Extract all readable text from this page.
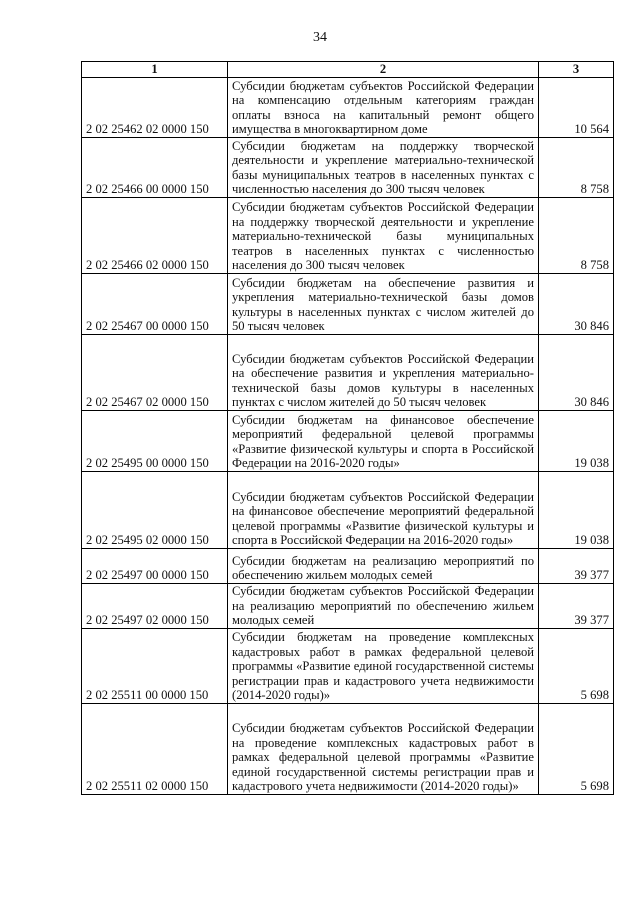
34
1	2	3
2 02 25462 02 0000 150	Субсидии бюджетам субъектов Российской Федерации на компенсацию отдельным категориям граждан оплаты взноса на капитальный ремонт общего имущества в многоквартирном доме	10 564
2 02 25466 00 0000 150	Субсидии бюджетам на поддержку творческой деятельности и укрепление материально-технической базы муниципальных театров в населенных пунктах с численностью населения до 300 тысяч человек	8 758
2 02 25466 02 0000 150	Субсидии бюджетам субъектов Российской Федерации на поддержку творческой деятельности и укрепление материально-технической базы муниципальных театров в населенных пунктах с численностью населения до 300 тысяч человек	8 758
2 02 25467 00 0000 150	Субсидии бюджетам на обеспечение развития и укрепления материально-технической базы домов культуры в населенных пунктах с числом жителей до 50 тысяч человек	30 846
2 02 25467 02 0000 150	Субсидии бюджетам субъектов Российской Федерации на обеспечение развития и укрепления материально-технической базы домов культуры в населенных пунктах с числом жителей до 50 тысяч человек	30 846
2 02 25495 00 0000 150	Субсидии бюджетам на финансовое обеспечение мероприятий федеральной целевой программы «Развитие физической культуры и спорта в Российской Федерации на 2016-2020 годы»	19 038
2 02 25495 02 0000 150	Субсидии бюджетам субъектов Российской Федерации на финансовое обеспечение мероприятий федеральной целевой программы «Развитие физической культуры и спорта в Российской Федерации на 2016-2020 годы»	19 038
2 02 25497 00 0000 150	Субсидии бюджетам на реализацию мероприятий по обеспечению жильем молодых семей	39 377
2 02 25497 02 0000 150	Субсидии бюджетам субъектов Российской Федерации на реализацию мероприятий по обеспечению жильем молодых семей	39 377
2 02 25511 00 0000 150	Субсидии бюджетам на проведение комплексных кадастровых работ в рамках федеральной целевой программы «Развитие единой государственной системы регистрации прав и кадастрового учета недвижимости (2014-2020 годы)»	5 698
2 02 25511 02 0000 150	Субсидии бюджетам субъектов Российской Федерации на проведение комплексных кадастровых работ в рамках федеральной целевой программы «Развитие единой государственной системы регистрации прав и кадастрового учета недвижимости (2014-2020 годы)»	5 698
